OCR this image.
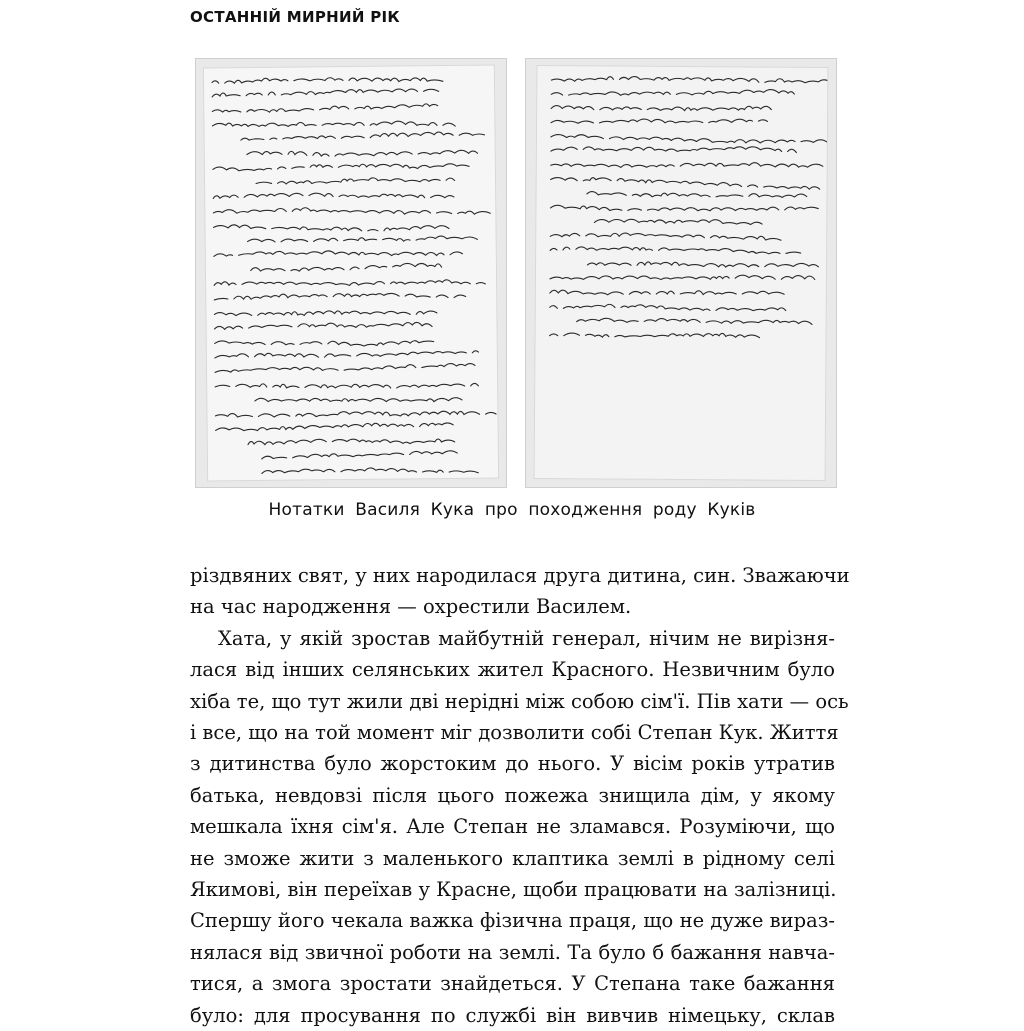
ОСТАННІЙ МИРНИЙ РІК
Нотатки Василя Кука про походження роду Куків
різдвяних свят, у них народилася друга дитина, син. Зважаючи
на час народження — охрестили Василем.
Хата, у якій зростав майбутній генерал, нічим не вирізня-
лася від інших селянських жител Красного. Незвичним було
хіба те, що тут жили дві нерідні між собою сім'ї. Пів хати — ось
і все, що на той момент міг дозволити собі Степан Кук. Життя
з дитинства було жорстоким до нього. У вісім років утратив
батька, невдовзі після цього пожежа знищила дім, у якому
мешкала їхня сім'я. Але Степан не зламався. Розуміючи, що
не зможе жити з маленького клаптика землі в рідному селі
Якимові, він переїхав у Красне, щоби працювати на залізниці.
Спершу його чекала важка фізична праця, що не дуже вираз-
нялася від звичної роботи на землі. Та було б бажання навча-
тися, а змога зростати знайдеться. У Степана таке бажання
було: для просування по службі він вивчив німецьку, склав
